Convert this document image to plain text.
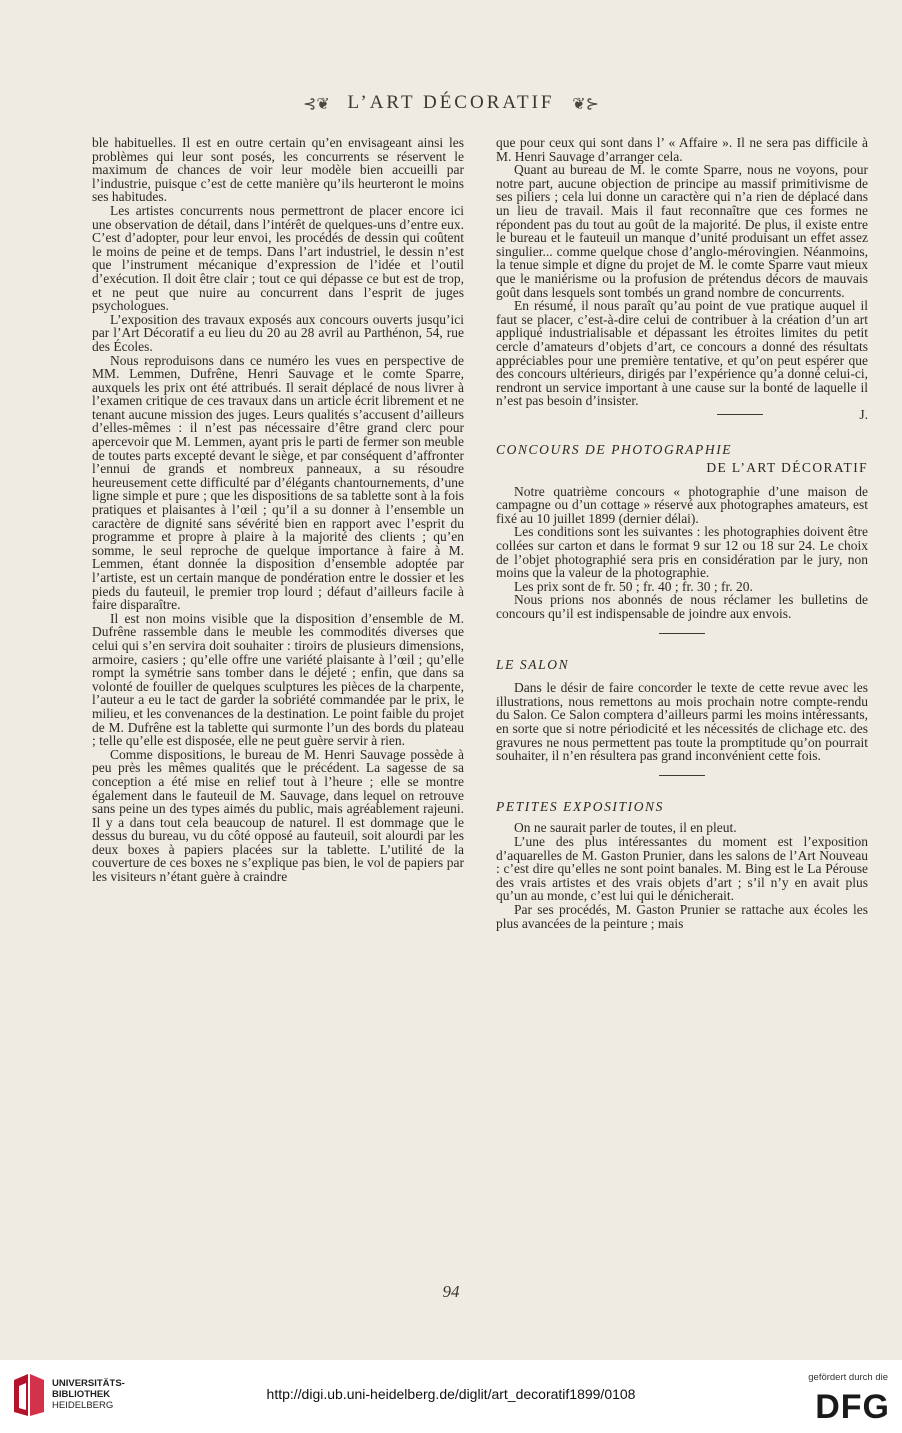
⊰❦ L’ART DÉCORATIF ❦⊱

ble habituelles. Il est en outre certain qu’en envisageant ainsi les problèmes qui leur sont posés, les concurrents se réservent le maximum de chances de voir leur modèle bien accueilli par l’industrie, puisque c’est de cette manière qu’ils heurteront le moins ses habitudes.

Les artistes concurrents nous permettront de placer encore ici une observation de détail, dans l’intérêt de quelques-uns d’entre eux. C’est d’adopter, pour leur envoi, les procédés de dessin qui coûtent le moins de peine et de temps. Dans l’art industriel, le dessin n’est que l’instrument mécanique d’expression de l’idée et l’outil d’exécution. Il doit être clair ; tout ce qui dépasse ce but est de trop, et ne peut que nuire au concurrent dans l’esprit de juges psychologues.

L’exposition des travaux exposés aux concours ouverts jusqu’ici par l’Art Décoratif a eu lieu du 20 au 28 avril au Parthénon, 54, rue des Écoles.

Nous reproduisons dans ce numéro les vues en perspective de MM. Lemmen, Dufrêne, Henri Sauvage et le comte Sparre, auxquels les prix ont été attribués. Il serait déplacé de nous livrer à l’examen critique de ces travaux dans un article écrit librement et ne tenant aucune mission des juges. Leurs qualités s’accusent d’ailleurs d’elles-mêmes : il n’est pas nécessaire d’être grand clerc pour apercevoir que M. Lemmen, ayant pris le parti de fermer son meuble de toutes parts excepté devant le siège, et par conséquent d’affronter l’ennui de grands et nombreux panneaux, a su résoudre heureusement cette difficulté par d’élégants chantournements, d’une ligne simple et pure ; que les dispositions de sa tablette sont à la fois pratiques et plaisantes à l’œil ; qu’il a su donner à l’ensemble un caractère de dignité sans sévérité bien en rapport avec l’esprit du programme et propre à plaire à la majorité des clients ; qu’en somme, le seul reproche de quelque importance à faire à M. Lemmen, étant donnée la disposition d’ensemble adoptée par l’artiste, est un certain manque de pondération entre le dossier et les pieds du fauteuil, le premier trop lourd ; défaut d’ailleurs facile à faire disparaître.

Il est non moins visible que la disposition d’ensemble de M. Dufrêne rassemble dans le meuble les commodités diverses que celui qui s’en servira doit souhaiter : tiroirs de plusieurs dimensions, armoire, casiers ; qu’elle offre une variété plaisante à l’œil ; qu’elle rompt la symétrie sans tomber dans le déjeté ; enfin, que dans sa volonté de fouiller de quelques sculptures les pièces de la charpente, l’auteur a eu le tact de garder la sobriété commandée par le prix, le milieu, et les convenances de la destination. Le point faible du projet de M. Dufrêne est la tablette qui surmonte l’un des bords du plateau ; telle qu’elle est disposée, elle ne peut guère servir à rien.

Comme dispositions, le bureau de M. Henri Sauvage possède à peu près les mêmes qualités que le précédent. La sagesse de sa conception a été mise en relief tout à l’heure ; elle se montre également dans le fauteuil de M. Sauvage, dans lequel on retrouve sans peine un des types aimés du public, mais agréablement rajeuni. Il y a dans tout cela beaucoup de naturel. Il est dommage que le dessus du bureau, vu du côté opposé au fauteuil, soit alourdi par les deux boxes à papiers placées sur la tablette. L’utilité de la couverture de ces boxes ne s’explique pas bien, le vol de papiers par les visiteurs n’étant guère à craindre

que pour ceux qui sont dans l’ « Affaire ». Il ne sera pas difficile à M. Henri Sauvage d’arranger cela.

Quant au bureau de M. le comte Sparre, nous ne voyons, pour notre part, aucune objection de principe au massif primitivisme de ses piliers ; cela lui donne un caractère qui n’a rien de déplacé dans un lieu de travail. Mais il faut reconnaître que ces formes ne répondent pas du tout au goût de la majorité. De plus, il existe entre le bureau et le fauteuil un manque d’unité produisant un effet assez singulier... comme quelque chose d’anglo-mérovingien. Néanmoins, la tenue simple et digne du projet de M. le comte Sparre vaut mieux que le maniérisme ou la profusion de prétendus décors de mauvais goût dans lesquels sont tombés un grand nombre de concurrents.

En résumé, il nous paraît qu’au point de vue pratique auquel il faut se placer, c’est-à-dire celui de contribuer à la création d’un art appliqué industrialisable et dépassant les étroites limites du petit cercle d’amateurs d’objets d’art, ce concours a donné des résultats appréciables pour une première tentative, et qu’on peut espérer que des concours ultérieurs, dirigés par l’expérience qu’a donné celui-ci, rendront un service important à une cause sur la bonté de laquelle il n’est pas besoin d’insister.

J.

CONCOURS DE PHOTOGRAPHIE
DE L’ART DÉCORATIF

Notre quatrième concours « photographie d’une maison de campagne ou d’un cottage » réservé aux photographes amateurs, est fixé au 10 juillet 1899 (dernier délai).

Les conditions sont les suivantes : les photographies doivent être collées sur carton et dans le format 9 sur 12 ou 18 sur 24. Le choix de l’objet photographié sera pris en considération par le jury, non moins que la valeur de la photographie.

Les prix sont de fr. 50 ; fr. 40 ; fr. 30 ; fr. 20.

Nous prions nos abonnés de nous réclamer les bulletins de concours qu’il est indispensable de joindre aux envois.

LE SALON

Dans le désir de faire concorder le texte de cette revue avec les illustrations, nous remettons au mois prochain notre compte-rendu du Salon. Ce Salon comptera d’ailleurs parmi les moins intéressants, en sorte que si notre périodicité et les nécessités de clichage etc. des gravures ne nous permettent pas toute la promptitude qu’on pourrait souhaiter, il n’en résultera pas grand inconvénient cette fois.

PETITES EXPOSITIONS

On ne saurait parler de toutes, il en pleut.

L’une des plus intéressantes du moment est l’exposition d’aquarelles de M. Gaston Prunier, dans les salons de l’Art Nouveau : c’est dire qu’elles ne sont point banales. M. Bing est le La Pérouse des vrais artistes et des vrais objets d’art ; s’il n’y en avait plus qu’un au monde, c’est lui qui le dénicherait.

Par ses procédés, M. Gaston Prunier se rattache aux écoles les plus avancées de la peinture ; mais

94
UNIVERSITÄTS-
BIBLIOTHEK
HEIDELBERG
http://digi.ub.uni-heidelberg.de/diglit/art_decoratif1899/0108
gefördert durch die
DFG
